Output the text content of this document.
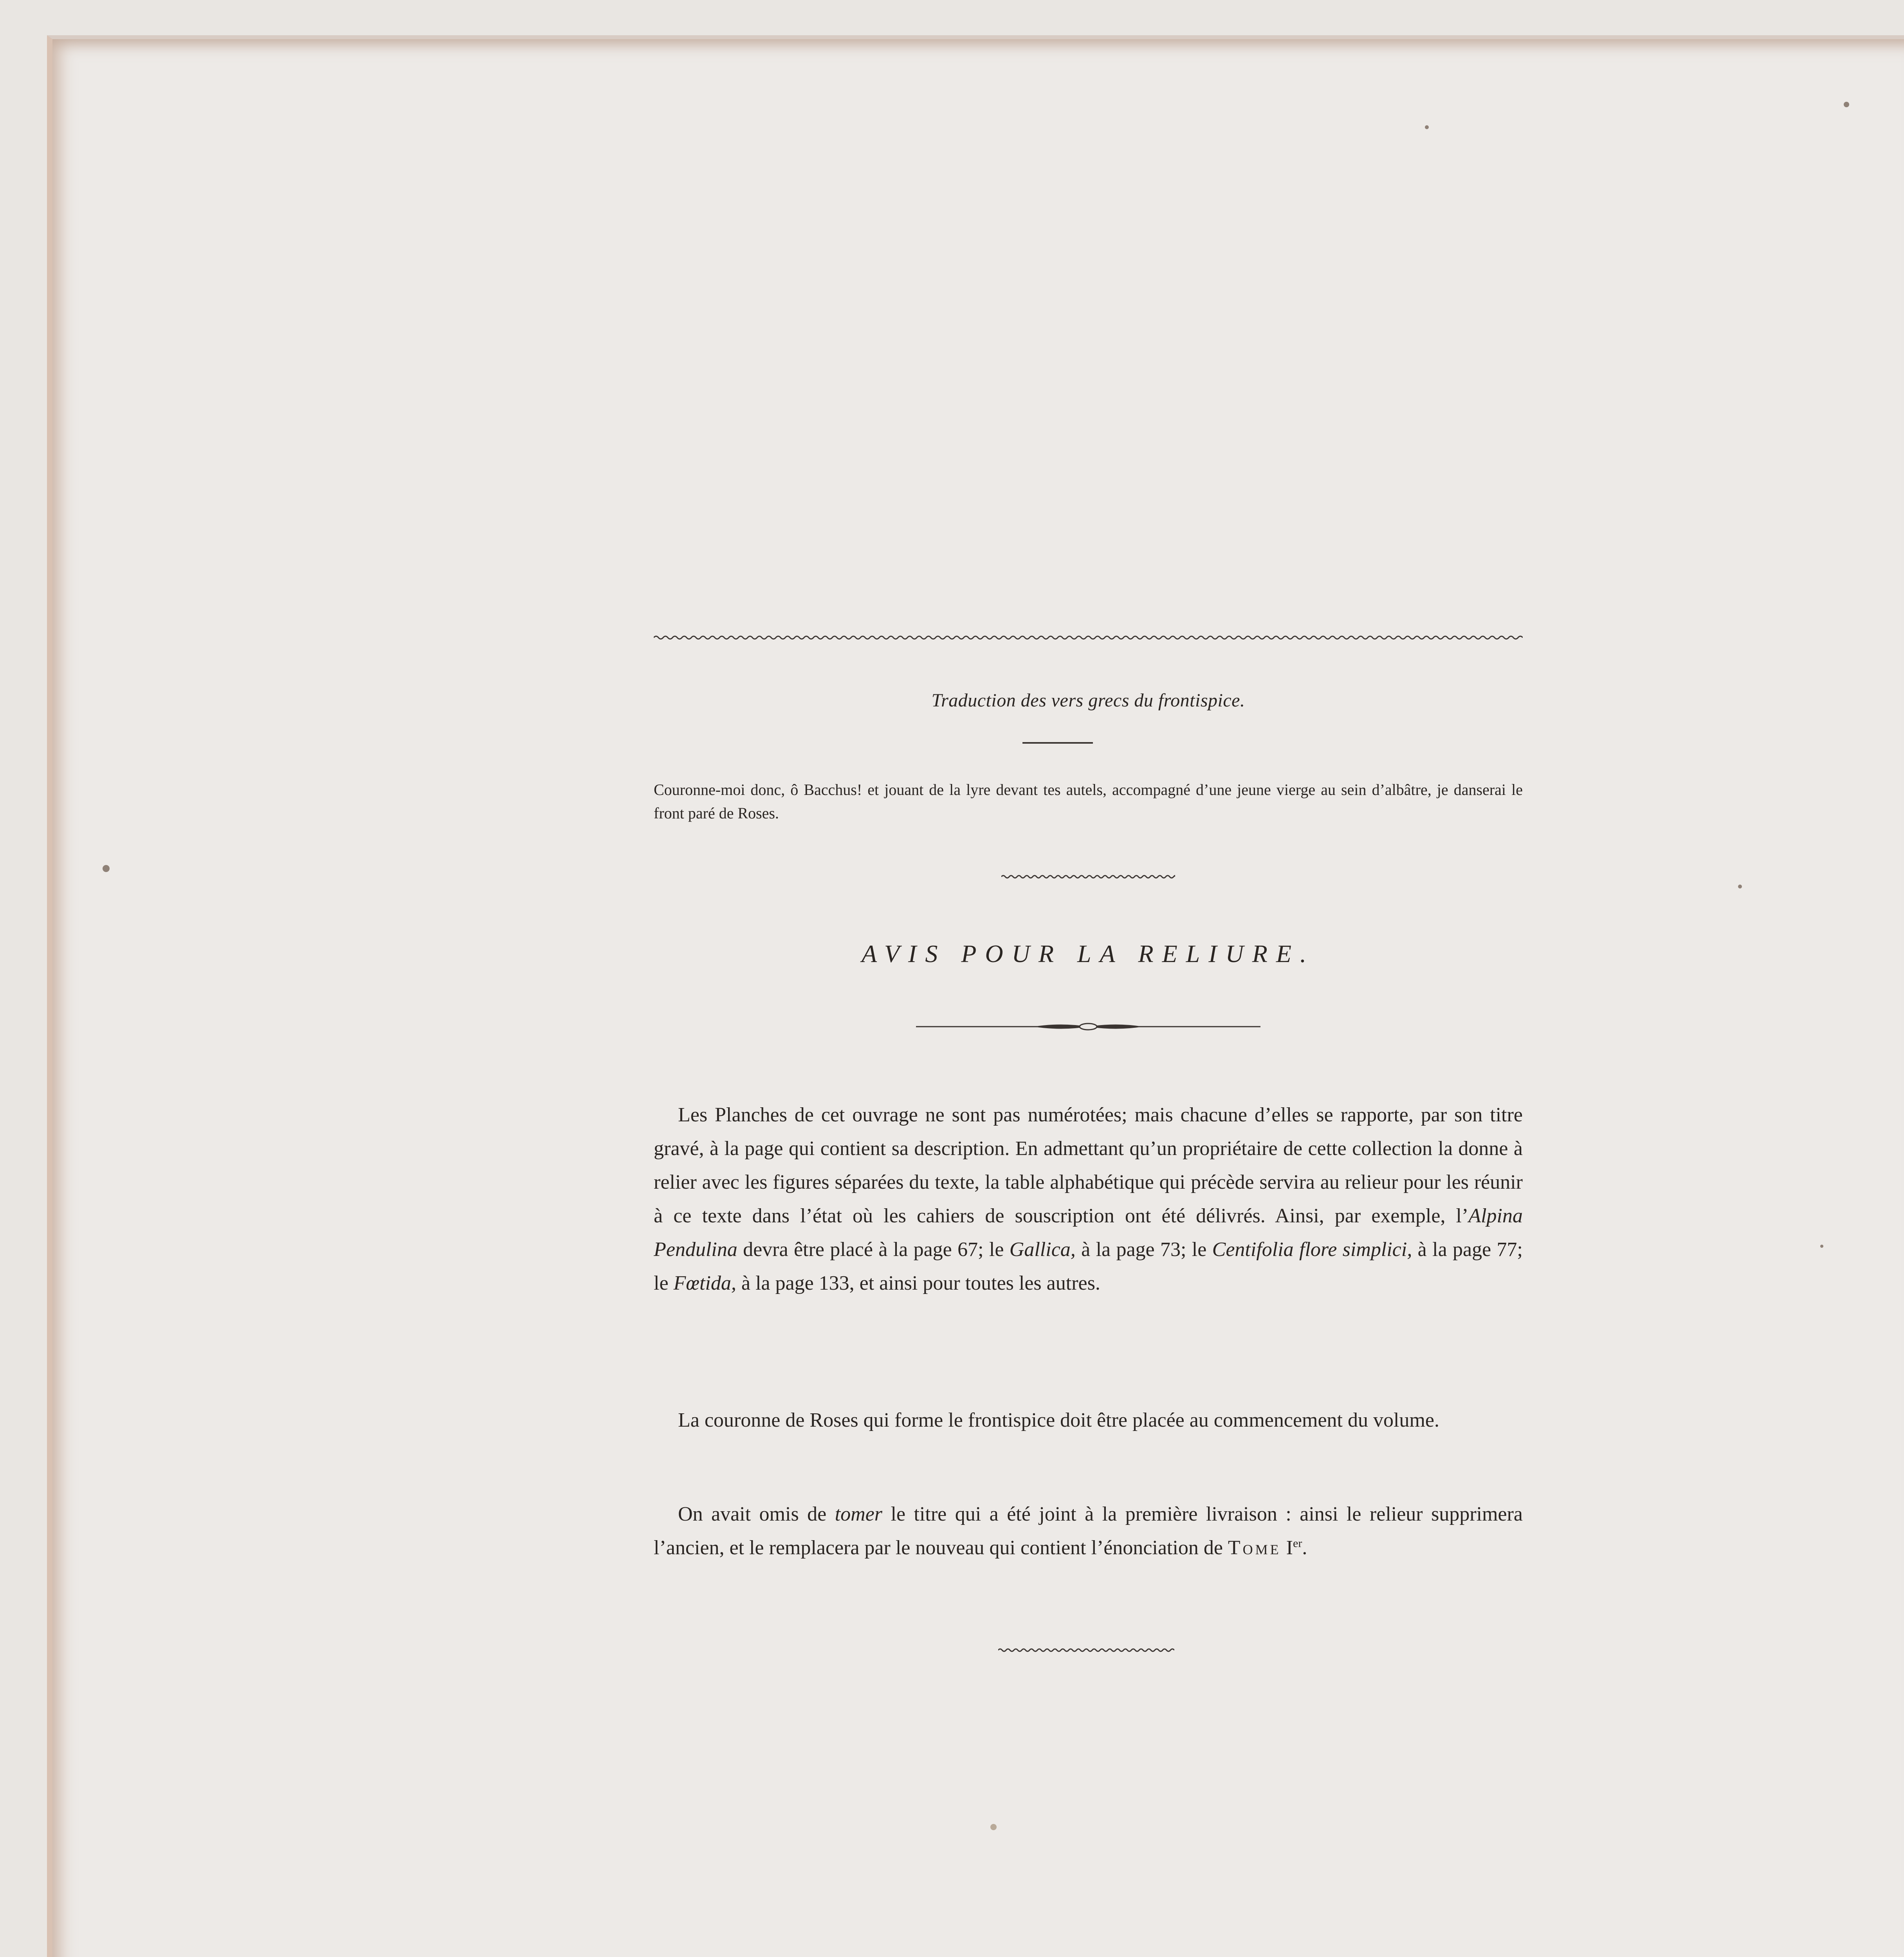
Traduction des vers grecs du frontispice.
Couronne-moi donc, ô Bacchus! et jouant de la lyre devant tes autels, accompagné d’une jeune vierge au sein d’albâtre, je danserai le front paré de Roses.
AVIS POUR LA RELIURE.
Les Planches de cet ouvrage ne sont pas numérotées; mais chacune d’elles se rapporte, par son titre gravé, à la page qui contient sa description. En admettant qu’un propriétaire de cette collection la donne à relier avec les figures séparées du texte, la table alphabétique qui précède servira au relieur pour les réunir à ce texte dans l’état où les cahiers de souscription ont été délivrés. Ainsi, par exemple, l’Alpina Pendulina devra être placé à la page 67; le Gallica, à la page 73; le Centifolia flore simplici, à la page 77; le Fœtida, à la page 133, et ainsi pour toutes les autres.
La couronne de Roses qui forme le frontispice doit être placée au commencement du volume.
On avait omis de tomer le titre qui a été joint à la première livraison : ainsi le relieur supprimera l’ancien, et le remplacera par le nouveau qui contient l’énonciation de Tome Ier.
